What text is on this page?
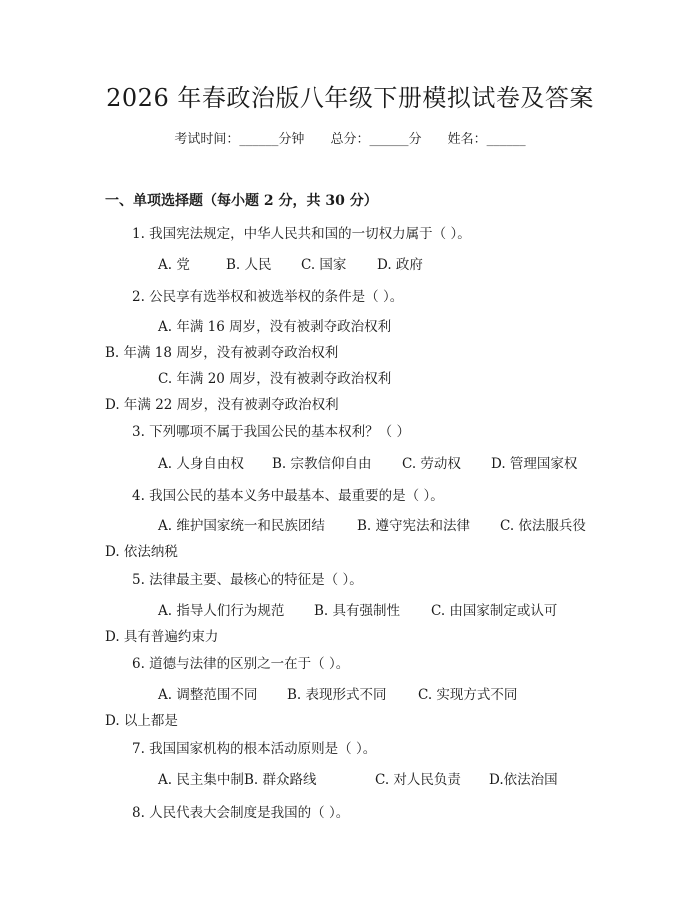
2026 年春政治版八年级下册模拟试卷及答案
考试时间：______分钟 总分：______分 姓名：______
一、单项选择题（每小题 2 分，共 30 分）
1. 我国宪法规定，中华人民共和国的一切权力属于（ ）。
A. 党	B. 人民 C. 国家 D. 政府
2. 公民享有选举权和被选举权的条件是（ ）。
A. 年满 16 周岁，没有被剥夺政治权利B. 年满 18 周岁，没有被剥夺政治权利
C. 年满 20 周岁，没有被剥夺政治权利D. 年满 22 周岁，没有被剥夺政治权利
3. 下列哪项不属于我国公民的基本权利？（ ）
A. 人身自由权 B. 宗教信仰自由 C. 劳动权 D. 管理国家权
4. 我国公民的基本义务中最基本、最重要的是（ ）。
A. 维护国家统一和民族团结 B. 遵守宪法和法律 C. 依法服兵役D. 依法纳税
5. 法律最主要、最核心的特征是（ ）。
A. 指导人们行为规范 B. 具有强制性 C. 由国家制定或认可D. 具有普遍约束力
6. 道德与法律的区别之一在于（ ）。
A. 调整范围不同 B. 表现形式不同 C. 实现方式不同D. 以上都是
7. 我国国家机构的根本活动原则是（ ）。
A. 民主集中制B. 群众路线	C. 对人民负责 D.依法治国
8. 人民代表大会制度是我国的（ ）。
